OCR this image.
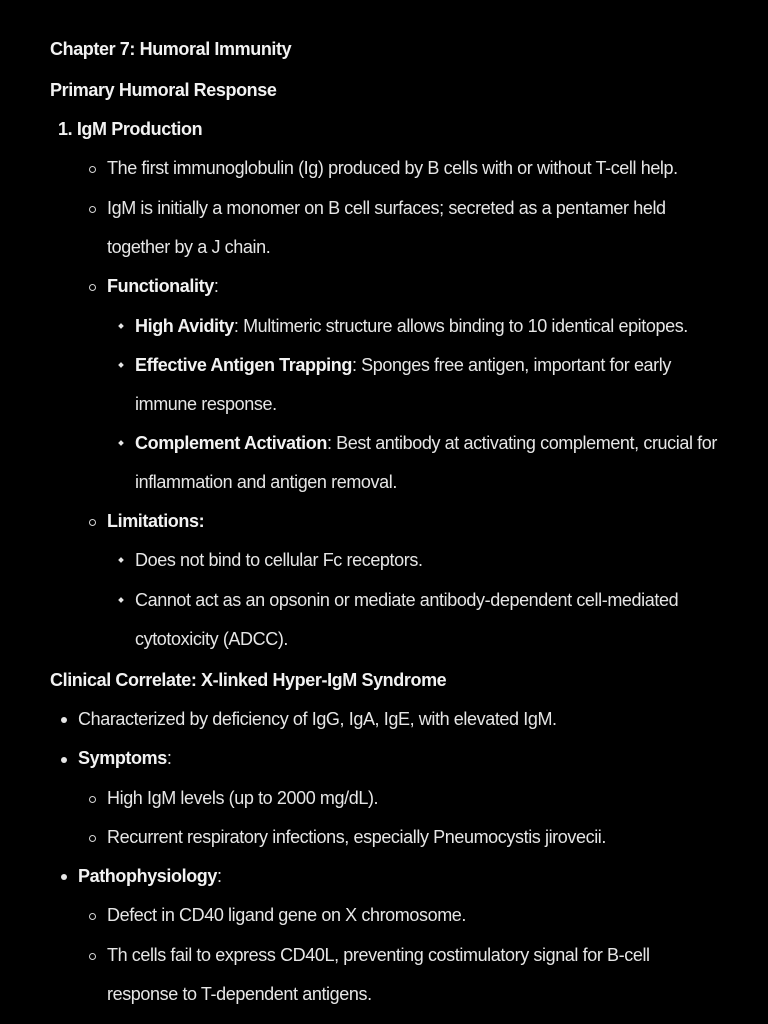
Chapter 7: Humoral Immunity
Primary Humoral Response
1. IgM Production
The first immunoglobulin (Ig) produced by B cells with or without T-cell help.
IgM is initially a monomer on B cell surfaces; secreted as a pentamer held
together by a J chain.
Functionality:
High Avidity: Multimeric structure allows binding to 10 identical epitopes.
Effective Antigen Trapping: Sponges free antigen, important for early
immune response.
Complement Activation: Best antibody at activating complement, crucial for
inflammation and antigen removal.
Limitations:
Does not bind to cellular Fc receptors.
Cannot act as an opsonin or mediate antibody-dependent cell-mediated
cytotoxicity (ADCC).
Clinical Correlate: X-linked Hyper-IgM Syndrome
Characterized by deficiency of IgG, IgA, IgE, with elevated IgM.
Symptoms:
High IgM levels (up to 2000 mg/dL).
Recurrent respiratory infections, especially Pneumocystis jirovecii.
Pathophysiology:
Defect in CD40 ligand gene on X chromosome.
Th cells fail to express CD40L, preventing costimulatory signal for B-cell
response to T-dependent antigens.
